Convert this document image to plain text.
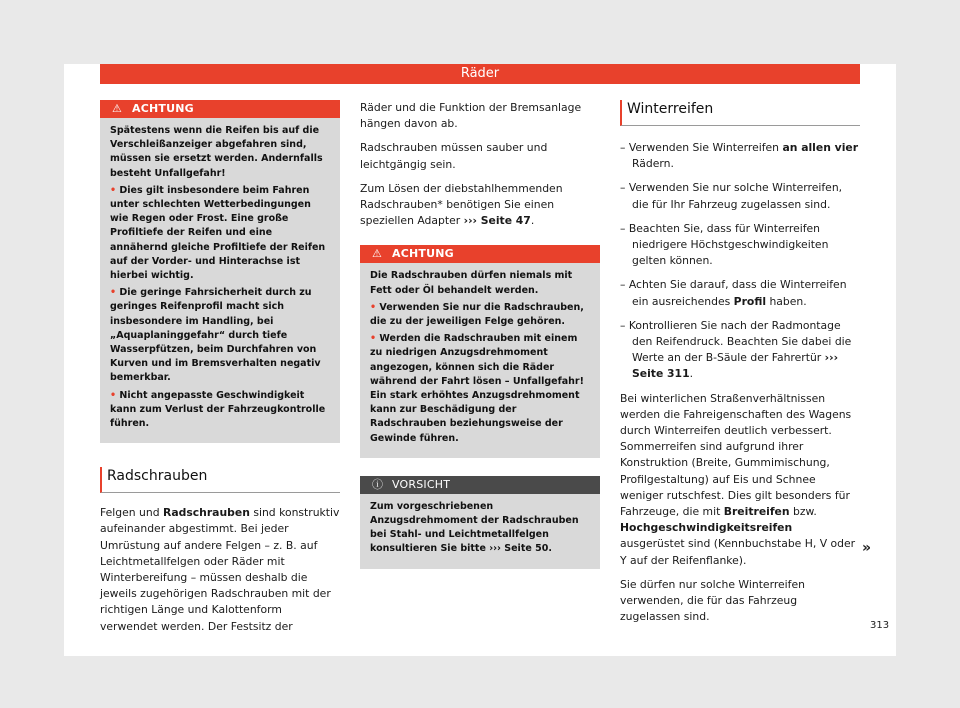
Räder
⚠ ACHTUNG

Spätestens wenn die Reifen bis auf die Verschleißanzeiger abgefahren sind, müssen sie ersetzt werden. Andernfalls besteht Unfallgefahr!

• Dies gilt insbesondere beim Fahren unter schlechten Wetterbedingungen wie Regen oder Frost. Eine große Profiltiefe der Reifen und eine annähernd gleiche Profiltiefe der Reifen auf der Vorder- und Hinterachse ist hierbei wichtig.

• Die geringe Fahrsicherheit durch zu geringes Reifenprofil macht sich insbesondere im Handling, bei „Aquaplaninggefahr“ durch tiefe Wasserpfützen, beim Durchfahren von Kurven und im Bremsverhalten negativ bemerkbar.

• Nicht angepasste Geschwindigkeit kann zum Verlust der Fahrzeugkontrolle führen.

Radschrauben
Felgen und Radschrauben sind konstruktiv aufeinander abgestimmt. Bei jeder Umrüstung auf andere Felgen – z. B. auf Leichtmetallfelgen oder Räder mit Winterbereifung – müssen deshalb die jeweils zugehörigen Radschrauben mit der richtigen Länge und Kalottenform verwendet werden. Der Festsitz der

Räder und die Funktion der Bremsanlage hängen davon ab.

Radschrauben müssen sauber und leichtgängig sein.

Zum Lösen der diebstahlhemmenden Radschrauben* benötigen Sie einen speziellen Adapter ››› Seite 47.

⚠ ACHTUNG

Die Radschrauben dürfen niemals mit Fett oder Öl behandelt werden.

• Verwenden Sie nur die Radschrauben, die zu der jeweiligen Felge gehören.

• Werden die Radschrauben mit einem zu niedrigen Anzugsdrehmoment angezogen, können sich die Räder während der Fahrt lösen – Unfallgefahr! Ein stark erhöhtes Anzugsdrehmoment kann zur Beschädigung der Radschrauben beziehungsweise der Gewinde führen.

ⓘ VORSICHT

Zum vorgeschriebenen Anzugsdrehmoment der Radschrauben bei Stahl- und Leichtmetallfelgen konsultieren Sie bitte ››› Seite 50.

Winterreifen
– Verwenden Sie Winterreifen an allen vier Rädern.
– Verwenden Sie nur solche Winterreifen, die für Ihr Fahrzeug zugelassen sind.
– Beachten Sie, dass für Winterreifen niedrigere Höchstgeschwindigkeiten gelten können.
– Achten Sie darauf, dass die Winterreifen ein ausreichendes Profil haben.
– Kontrollieren Sie nach der Radmontage den Reifendruck. Beachten Sie dabei die Werte an der B-Säule der Fahrertür ››› Seite 311.

Bei winterlichen Straßenverhältnissen werden die Fahreigenschaften des Wagens durch Winterreifen deutlich verbessert. Sommerreifen sind aufgrund ihrer Konstruktion (Breite, Gummimischung, Profilgestaltung) auf Eis und Schnee weniger rutschfest. Dies gilt besonders für Fahrzeuge, die mit Breitreifen bzw. Hochgeschwindigkeitsreifen ausgerüstet sind (Kennbuchstabe H, V oder Y auf der Reifenflanke).

Sie dürfen nur solche Winterreifen verwenden, die für das Fahrzeug zugelassen sind.

»
313
